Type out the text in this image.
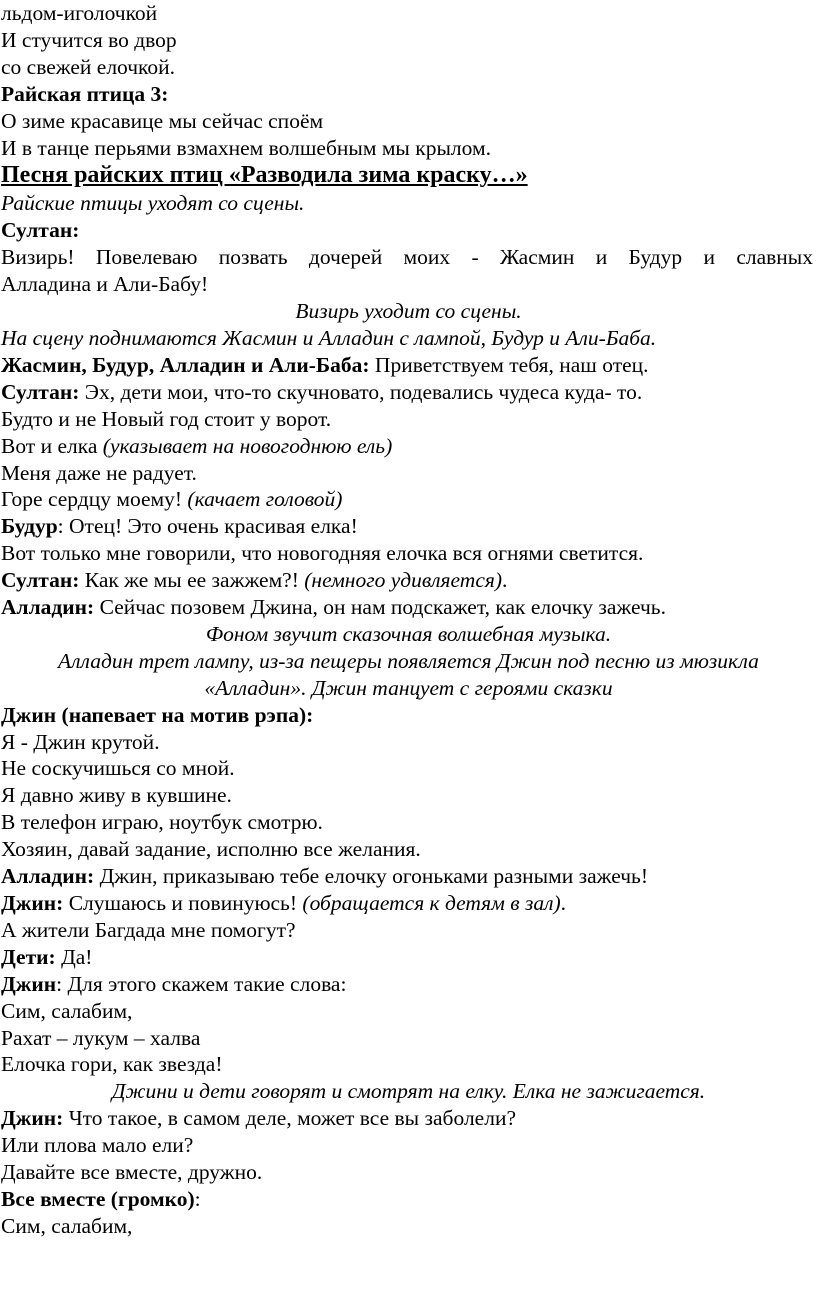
льдом-иголочкой

И стучится во двор

со свежей елочкой.

Райская птица 3:

О зиме красавице мы сейчас споём

И в танце перьями взмахнем волшебным мы крылом.

Песня райских птиц «Разводила зима краску…»

Райские птицы уходят со сцены.

Султан:

Визирь! Повелеваю позвать дочерей моих - Жасмин и Будур и славных

Алладина и Али-Бабу!

Визирь уходит со сцены.

На сцену поднимаются Жасмин и Алладин с лампой, Будур и Али-Баба.

Жасмин, Будур, Алладин и Али-Баба: Приветствуем тебя, наш отец.

Султан: Эх, дети мои, что-то скучновато, подевались чудеса куда- то.

Будто и не Новый год стоит у ворот.

Вот и елка (указывает на новогоднюю ель)

Меня даже не радует.

Горе сердцу моему! (качает головой)

Будур: Отец! Это очень красивая елка!

Вот только мне говорили, что новогодняя елочка вся огнями светится.

Султан: Как же мы ее зажжем?! (немного удивляется).

Алладин: Сейчас позовем Джина, он нам подскажет, как елочку зажечь.

Фоном звучит сказочная волшебная музыка.

Алладин трет лампу, из-за пещеры появляется Джин под песню из мюзикла

«Алладин». Джин танцует с героями сказки

Джин (напевает на мотив рэпа):

Я - Джин крутой.

Не соскучишься со мной.

Я давно живу в кувшине.

В телефон играю, ноутбук смотрю.

Хозяин, давай задание, исполню все желания.

Алладин: Джин, приказываю тебе елочку огоньками разными зажечь!

Джин: Слушаюсь и повинуюсь! (обращается к детям в зал).

А жители Багдада мне помогут?

Дети: Да!

Джин: Для этого скажем такие слова:

Сим, салабим,

Рахат – лукум – халва

Елочка гори, как звезда!

Джини и дети говорят и смотрят на елку. Елка не зажигается.

Джин: Что такое, в самом деле, может все вы заболели?

Или плова мало ели?

Давайте все вместе, дружно.

Все вместе (громко):

Сим, салабим,
